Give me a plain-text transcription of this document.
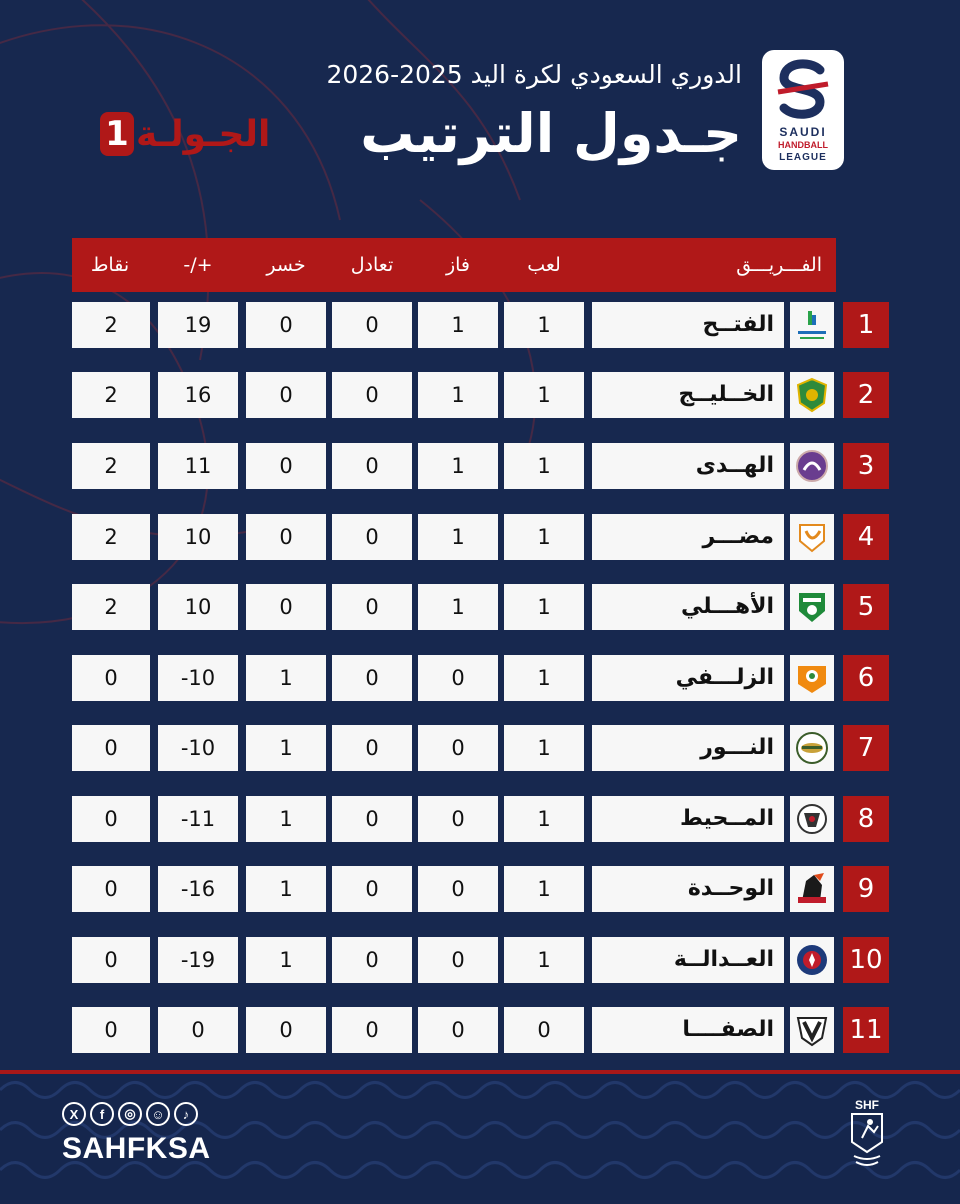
الدوري السعودي لكرة اليد 2025-2026
جـدول الترتيب
الجـولـة
1	SAUDI
HANDBALL
LEAGUE
نقاط	+/-	خسر	تعادل	فاز	لعب	الفـــريـــق
2	19	0	0	1	1	الفتــح	1
2	16	0	0	1	1	الخــليــج	2
2	11	0	0	1	1	الهــدى	3
2	10	0	0	1	1	مضـــر	4
2	10	0	0	1	1	الأهـــلي	5
0	-10	1	0	0	1	الزلـــفي	6
0	-10	1	0	0	1	النـــور	7
0	-11	1	0	0	1	المــحيط	8
0	-16	1	0	0	1	الوحــدة	9
0	-19	1	0	0	1	العــدالــة	10
0	0	0	0	0	0	الصفــــا	11
X	f	◎	☺	♪
SAHFKSA
SHF
